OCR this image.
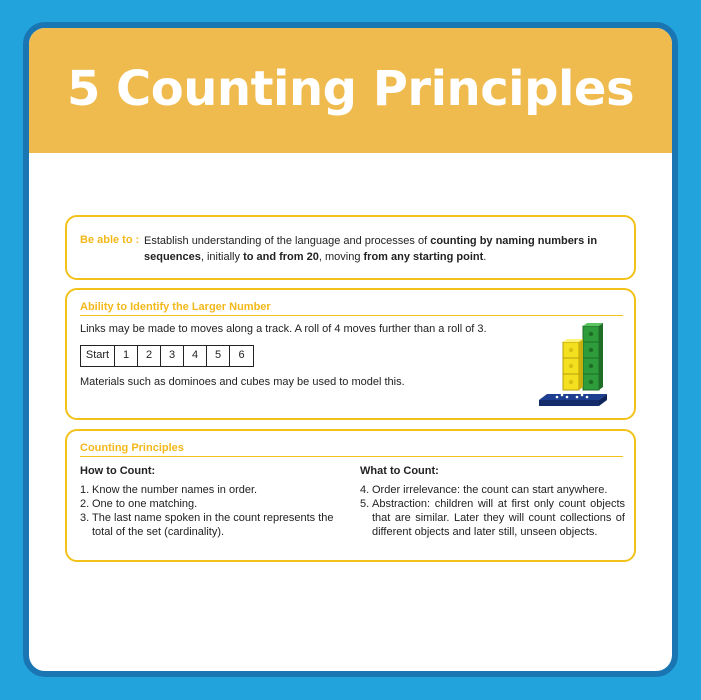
5 Counting Principles
Be able to : Establish understanding of the language and processes of counting by naming numbers in sequences, initially to and from 20, moving from any starting point.
Ability to Identify the Larger Number
Links may be made to moves along a track. A roll of 4 moves further than a roll of 3.
Start	1	2	3	4	5	6
Materials such as dominoes and cubes may be used to model this.
Counting Principles
How to Count:
1. Know the number names in order.
2. One to one matching.
3. The last name spoken in the count represents the total of the set (cardinality).
What to Count:
4. Order irrelevance: the count can start anywhere.
5. Abstraction: children will at first only count objects that are similar. Later they will count collections of different objects and later still, unseen objects.
